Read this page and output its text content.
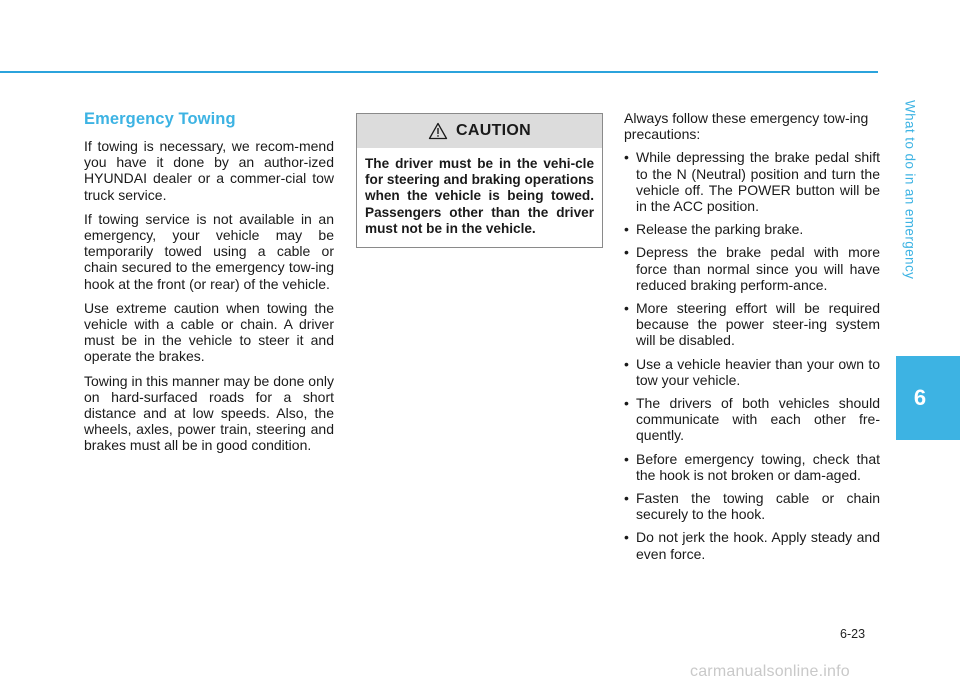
Emergency Towing

If towing is necessary, we recom-mend you have it done by an author-ized HYUNDAI dealer or a commer-cial tow truck service.

If towing service is not available in an emergency, your vehicle may be temporarily towed using a cable or chain secured to the emergency tow-ing hook at the front (or rear) of the vehicle.

Use extreme caution when towing the vehicle with a cable or chain. A driver must be in the vehicle to steer it and operate the brakes.

Towing in this manner may be done only on hard-surfaced roads for a short distance and at low speeds. Also, the wheels, axles, power train, steering and brakes must all be in good condition.

CAUTION
The driver must be in the vehi-cle for steering and braking operations when the vehicle is being towed. Passengers other than the driver must not be in the vehicle.

Always follow these emergency tow-ing precautions:

• While depressing the brake pedal shift to the N (Neutral) position and turn the vehicle off. The POWER button will be in the ACC position.
• Release the parking brake.
• Depress the brake pedal with more force than normal since you will have reduced braking perform-ance.
• More steering effort will be required because the power steer-ing system will be disabled.
• Use a vehicle heavier than your own to tow your vehicle.
• The drivers of both vehicles should communicate with each other fre-quently.
• Before emergency towing, check that the hook is not broken or dam-aged.
• Fasten the towing cable or chain securely to the hook.
• Do not jerk the hook. Apply steady and even force.
What to do in an emergency
6
6-23
carmanualsonline.info
